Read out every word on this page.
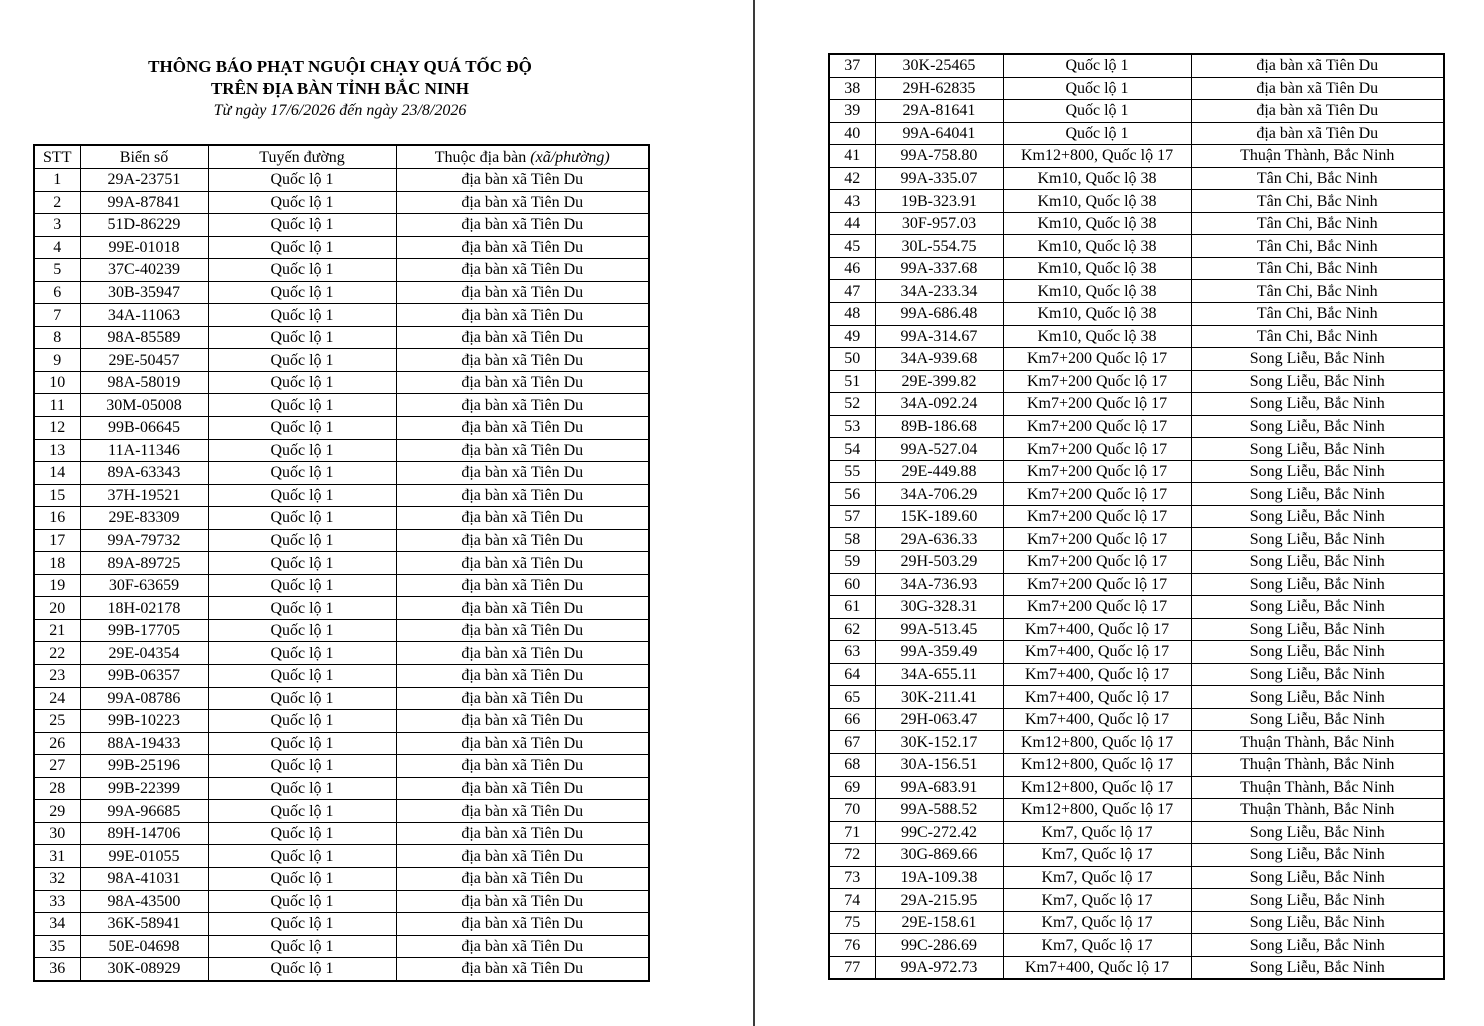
THÔNG BÁO PHẠT NGUỘI CHẠY QUÁ TỐC ĐỘ
TRÊN ĐỊA BÀN TỈNH BẮC NINH
Từ ngày 17/6/2026 đến ngày 23/8/2026
STT	Biển số	Tuyến đường	Thuộc địa bàn (xã/phường)
1	29A-23751	Quốc lộ 1	địa bàn xã Tiên Du
2	99A-87841	Quốc lộ 1	địa bàn xã Tiên Du
3	51D-86229	Quốc lộ 1	địa bàn xã Tiên Du
4	99E-01018	Quốc lộ 1	địa bàn xã Tiên Du
5	37C-40239	Quốc lộ 1	địa bàn xã Tiên Du
6	30B-35947	Quốc lộ 1	địa bàn xã Tiên Du
7	34A-11063	Quốc lộ 1	địa bàn xã Tiên Du
8	98A-85589	Quốc lộ 1	địa bàn xã Tiên Du
9	29E-50457	Quốc lộ 1	địa bàn xã Tiên Du
10	98A-58019	Quốc lộ 1	địa bàn xã Tiên Du
11	30M-05008	Quốc lộ 1	địa bàn xã Tiên Du
12	99B-06645	Quốc lộ 1	địa bàn xã Tiên Du
13	11A-11346	Quốc lộ 1	địa bàn xã Tiên Du
14	89A-63343	Quốc lộ 1	địa bàn xã Tiên Du
15	37H-19521	Quốc lộ 1	địa bàn xã Tiên Du
16	29E-83309	Quốc lộ 1	địa bàn xã Tiên Du
17	99A-79732	Quốc lộ 1	địa bàn xã Tiên Du
18	89A-89725	Quốc lộ 1	địa bàn xã Tiên Du
19	30F-63659	Quốc lộ 1	địa bàn xã Tiên Du
20	18H-02178	Quốc lộ 1	địa bàn xã Tiên Du
21	99B-17705	Quốc lộ 1	địa bàn xã Tiên Du
22	29E-04354	Quốc lộ 1	địa bàn xã Tiên Du
23	99B-06357	Quốc lộ 1	địa bàn xã Tiên Du
24	99A-08786	Quốc lộ 1	địa bàn xã Tiên Du
25	99B-10223	Quốc lộ 1	địa bàn xã Tiên Du
26	88A-19433	Quốc lộ 1	địa bàn xã Tiên Du
27	99B-25196	Quốc lộ 1	địa bàn xã Tiên Du
28	99B-22399	Quốc lộ 1	địa bàn xã Tiên Du
29	99A-96685	Quốc lộ 1	địa bàn xã Tiên Du
30	89H-14706	Quốc lộ 1	địa bàn xã Tiên Du
31	99E-01055	Quốc lộ 1	địa bàn xã Tiên Du
32	98A-41031	Quốc lộ 1	địa bàn xã Tiên Du
33	98A-43500	Quốc lộ 1	địa bàn xã Tiên Du
34	36K-58941	Quốc lộ 1	địa bàn xã Tiên Du
35	50E-04698	Quốc lộ 1	địa bàn xã Tiên Du
36	30K-08929	Quốc lộ 1	địa bàn xã Tiên Du
37	30K-25465	Quốc lộ 1	địa bàn xã Tiên Du
38	29H-62835	Quốc lộ 1	địa bàn xã Tiên Du
39	29A-81641	Quốc lộ 1	địa bàn xã Tiên Du
40	99A-64041	Quốc lộ 1	địa bàn xã Tiên Du
41	99A-758.80	Km12+800, Quốc lộ 17	Thuận Thành, Bắc Ninh
42	99A-335.07	Km10, Quốc lộ 38	Tân Chi, Bắc Ninh
43	19B-323.91	Km10, Quốc lộ 38	Tân Chi, Bắc Ninh
44	30F-957.03	Km10, Quốc lộ 38	Tân Chi, Bắc Ninh
45	30L-554.75	Km10, Quốc lộ 38	Tân Chi, Bắc Ninh
46	99A-337.68	Km10, Quốc lộ 38	Tân Chi, Bắc Ninh
47	34A-233.34	Km10, Quốc lộ 38	Tân Chi, Bắc Ninh
48	99A-686.48	Km10, Quốc lộ 38	Tân Chi, Bắc Ninh
49	99A-314.67	Km10, Quốc lộ 38	Tân Chi, Bắc Ninh
50	34A-939.68	Km7+200 Quốc lộ 17	Song Liễu, Bắc Ninh
51	29E-399.82	Km7+200 Quốc lộ 17	Song Liễu, Bắc Ninh
52	34A-092.24	Km7+200 Quốc lộ 17	Song Liễu, Bắc Ninh
53	89B-186.68	Km7+200 Quốc lộ 17	Song Liễu, Bắc Ninh
54	99A-527.04	Km7+200 Quốc lộ 17	Song Liễu, Bắc Ninh
55	29E-449.88	Km7+200 Quốc lộ 17	Song Liễu, Bắc Ninh
56	34A-706.29	Km7+200 Quốc lộ 17	Song Liễu, Bắc Ninh
57	15K-189.60	Km7+200 Quốc lộ 17	Song Liễu, Bắc Ninh
58	29A-636.33	Km7+200 Quốc lộ 17	Song Liễu, Bắc Ninh
59	29H-503.29	Km7+200 Quốc lộ 17	Song Liễu, Bắc Ninh
60	34A-736.93	Km7+200 Quốc lộ 17	Song Liễu, Bắc Ninh
61	30G-328.31	Km7+200 Quốc lộ 17	Song Liễu, Bắc Ninh
62	99A-513.45	Km7+400, Quốc lộ 17	Song Liễu, Bắc Ninh
63	99A-359.49	Km7+400, Quốc lộ 17	Song Liễu, Bắc Ninh
64	34A-655.11	Km7+400, Quốc lộ 17	Song Liễu, Bắc Ninh
65	30K-211.41	Km7+400, Quốc lộ 17	Song Liễu, Bắc Ninh
66	29H-063.47	Km7+400, Quốc lộ 17	Song Liễu, Bắc Ninh
67	30K-152.17	Km12+800, Quốc lộ 17	Thuận Thành, Bắc Ninh
68	30A-156.51	Km12+800, Quốc lộ 17	Thuận Thành, Bắc Ninh
69	99A-683.91	Km12+800, Quốc lộ 17	Thuận Thành, Bắc Ninh
70	99A-588.52	Km12+800, Quốc lộ 17	Thuận Thành, Bắc Ninh
71	99C-272.42	Km7, Quốc lộ 17	Song Liễu, Bắc Ninh
72	30G-869.66	Km7, Quốc lộ 17	Song Liễu, Bắc Ninh
73	19A-109.38	Km7, Quốc lộ 17	Song Liễu, Bắc Ninh
74	29A-215.95	Km7, Quốc lộ 17	Song Liễu, Bắc Ninh
75	29E-158.61	Km7, Quốc lộ 17	Song Liễu, Bắc Ninh
76	99C-286.69	Km7, Quốc lộ 17	Song Liễu, Bắc Ninh
77	99A-972.73	Km7+400, Quốc lộ 17	Song Liễu, Bắc Ninh
